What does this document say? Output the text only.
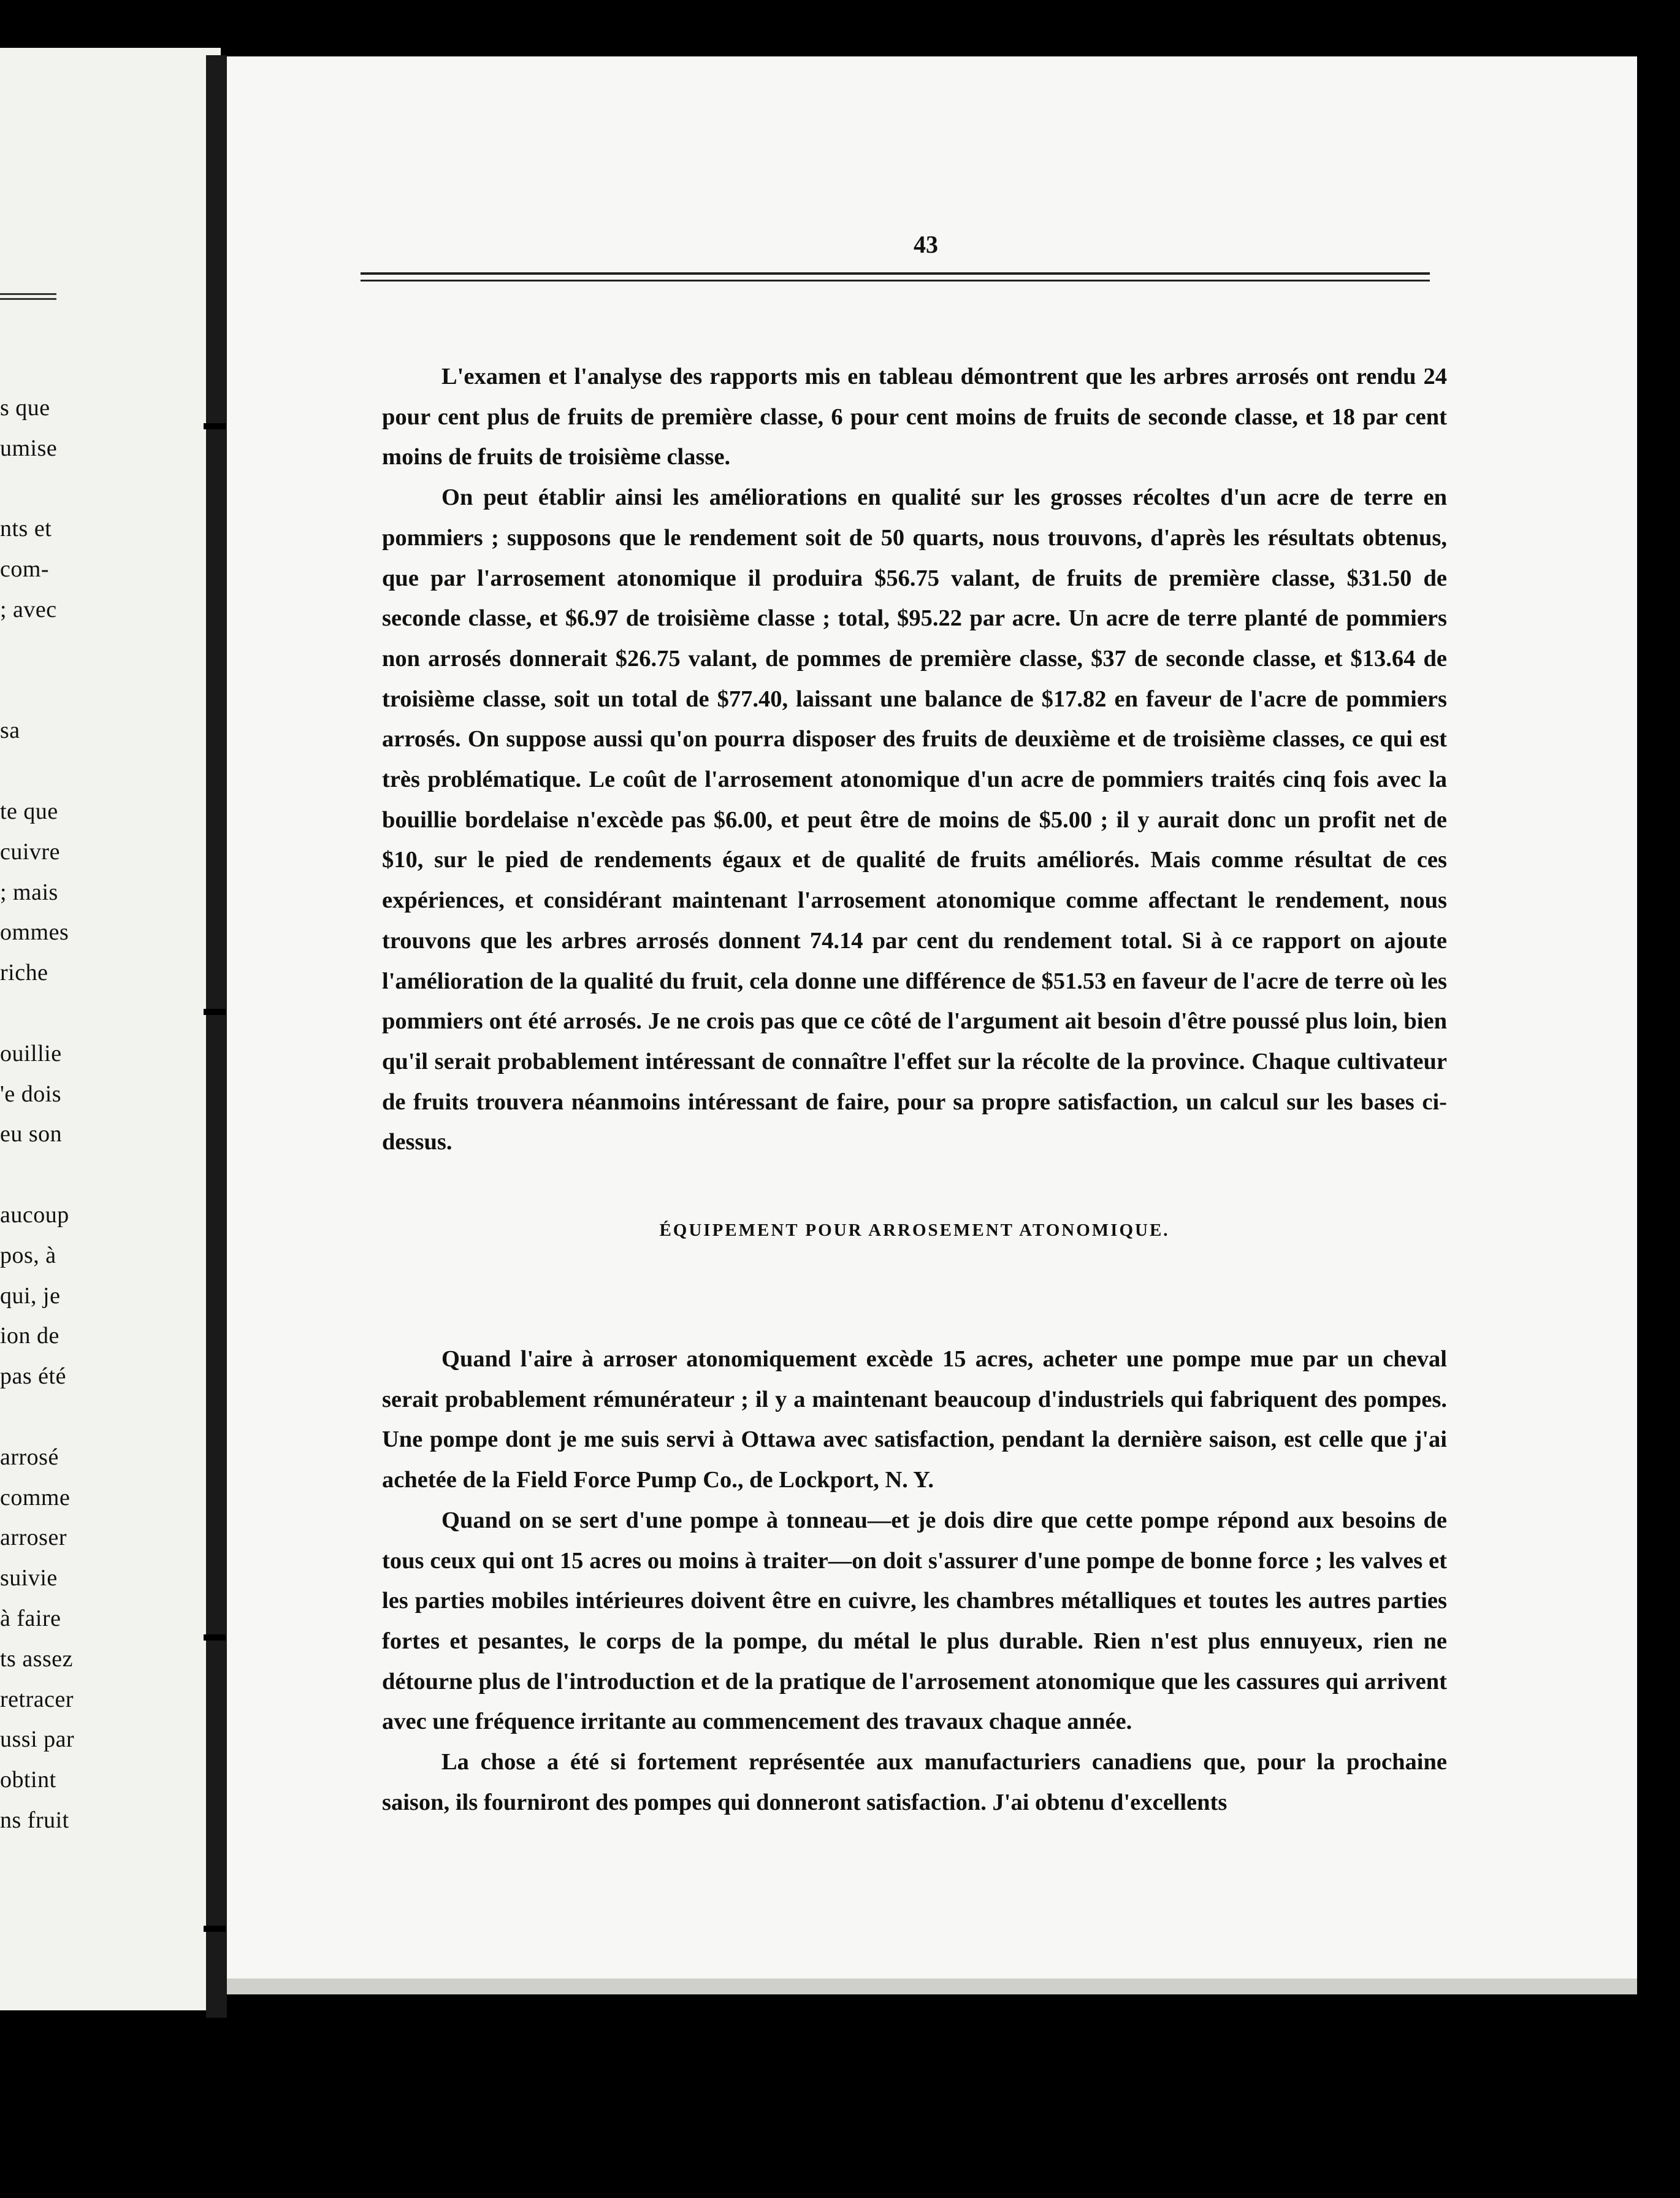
s que
umise
nts et
com-
; avec
sa
te que
cuivre
; mais
ommes
riche
ouillie
'e dois
eu son
aucoup
pos, à
qui, je
ion de
pas été
arrosé
comme
arroser
suivie
à faire
ts assez
retracer
ussi par
obtint
ns fruit
43

L'examen et l'analyse des rapports mis en tableau démontrent que les arbres arrosés ont rendu 24 pour cent plus de fruits de première classe, 6 pour cent moins de fruits de seconde classe, et 18 par cent moins de fruits de troisième classe.

On peut établir ainsi les améliorations en qualité sur les grosses récoltes d'un acre de terre en pommiers ; supposons que le rendement soit de 50 quarts, nous trouvons, d'après les résultats obtenus, que par l'arrosement atonomique il produira $56.75 valant, de fruits de première classe, $31.50 de seconde classe, et $6.97 de troisième classe ; total, $95.22 par acre. Un acre de terre planté de pommiers non arrosés donnerait $26.75 valant, de pommes de première classe, $37 de seconde classe, et $13.64 de troisième classe, soit un total de $77.40, laissant une balance de $17.82 en faveur de l'acre de pommiers arrosés. On suppose aussi qu'on pourra disposer des fruits de deuxième et de troisième classes, ce qui est très problématique. Le coût de l'arrosement atonomique d'un acre de pommiers traités cinq fois avec la bouillie bordelaise n'excède pas $6.00, et peut être de moins de $5.00 ; il y aurait donc un profit net de $10, sur le pied de rendements égaux et de qualité de fruits améliorés. Mais comme résultat de ces expériences, et considérant maintenant l'arrosement atonomique comme affectant le rendement, nous trouvons que les arbres arrosés donnent 74.14 par cent du rendement total. Si à ce rapport on ajoute l'amélioration de la qualité du fruit, cela donne une différence de $51.53 en faveur de l'acre de terre où les pommiers ont été arrosés. Je ne crois pas que ce côté de l'argument ait besoin d'être poussé plus loin, bien qu'il serait probablement intéressant de connaître l'effet sur la récolte de la province. Chaque cultivateur de fruits trouvera néanmoins intéressant de faire, pour sa propre satisfaction, un calcul sur les bases ci-dessus.

ÉQUIPEMENT POUR ARROSEMENT ATONOMIQUE.

Quand l'aire à arroser atonomiquement excède 15 acres, acheter une pompe mue par un cheval serait probablement rémunérateur ; il y a maintenant beaucoup d'industriels qui fabriquent des pompes. Une pompe dont je me suis servi à Ottawa avec satisfaction, pendant la dernière saison, est celle que j'ai achetée de la Field Force Pump Co., de Lockport, N. Y.

Quand on se sert d'une pompe à tonneau—et je dois dire que cette pompe répond aux besoins de tous ceux qui ont 15 acres ou moins à traiter—on doit s'assurer d'une pompe de bonne force ; les valves et les parties mobiles intérieures doivent être en cuivre, les chambres métalliques et toutes les autres parties fortes et pesantes, le corps de la pompe, du métal le plus durable. Rien n'est plus ennuyeux, rien ne détourne plus de l'introduction et de la pratique de l'arrosement atonomique que les cassures qui arrivent avec une fréquence irritante au commencement des travaux chaque année.

La chose a été si fortement représentée aux manufacturiers canadiens que, pour la prochaine saison, ils fourniront des pompes qui donneront satisfaction. J'ai obtenu d'excellents
